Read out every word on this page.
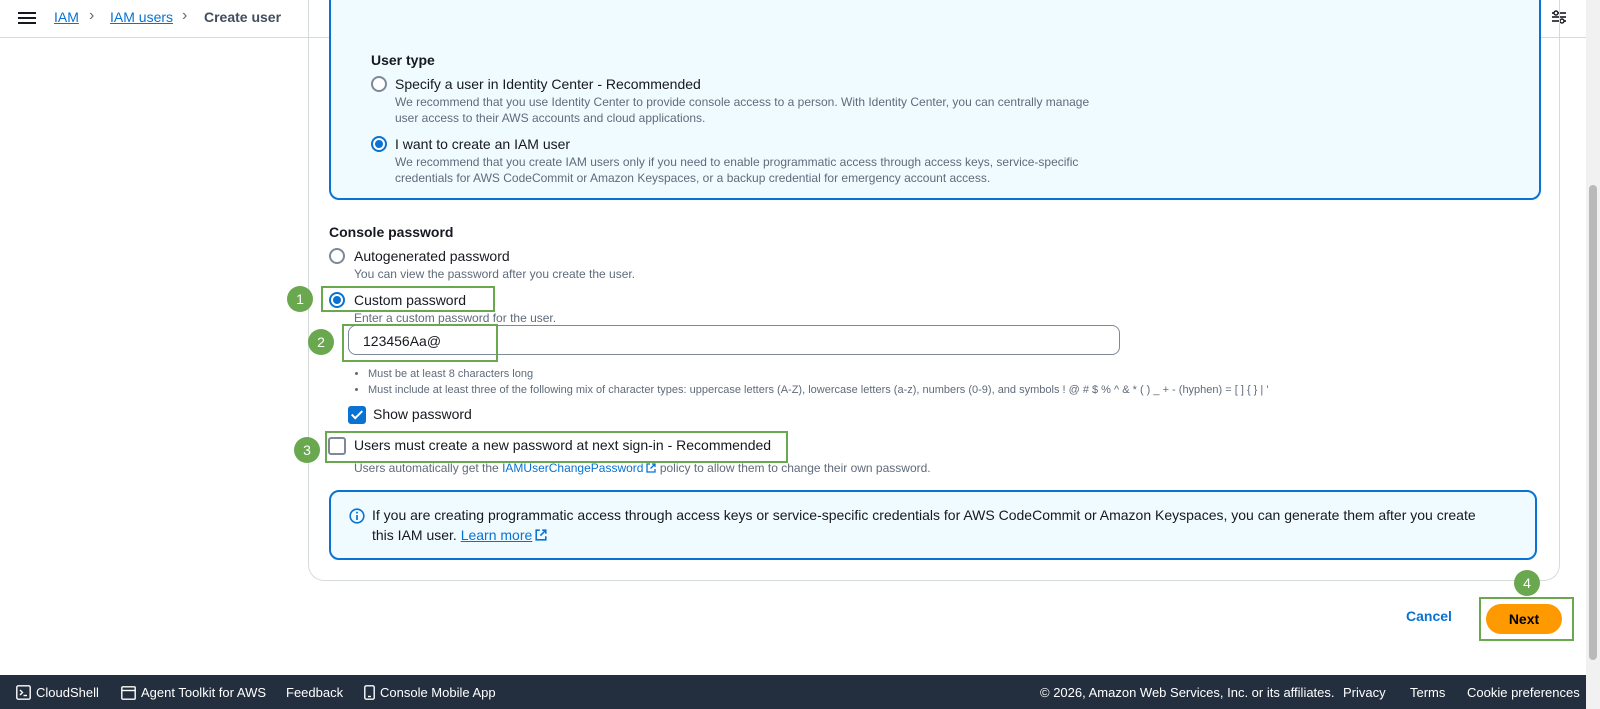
IAM › IAM users › Create user
User type
Specify a user in Identity Center - Recommended
We recommend that you use Identity Center to provide console access to a person. With Identity Center, you can centrally manage
user access to their AWS accounts and cloud applications.
I want to create an IAM user
We recommend that you create IAM users only if you need to enable programmatic access through access keys, service-specific
credentials for AWS CodeCommit or Amazon Keyspaces, or a backup credential for emergency account access.
Console password
Autogenerated password
You can view the password after you create the user.
Custom password
Enter a custom password for the user.
123456Aa@
• Must be at least 8 characters long
• Must include at least three of the following mix of character types: uppercase letters (A-Z), lowercase letters (a-z), numbers (0-9), and symbols ! @ # $ % ^ & * ( ) _ + - (hyphen) = [ ] { } | '
Show password
Users must create a new password at next sign-in - Recommended
Users automatically get the IAMUserChangePassword policy to allow them to change their own password.
If you are creating programmatic access through access keys or service-specific credentials for AWS CodeCommit or Amazon Keyspaces, you can generate them after you create this IAM user. Learn more
Cancel	Next
1
2
3
4
CloudShell	Agent Toolkit for AWS Feedback	Console Mobile App	© 2026, Amazon Web Services, Inc. or its affiliates. Privacy Terms Cookie preferences
